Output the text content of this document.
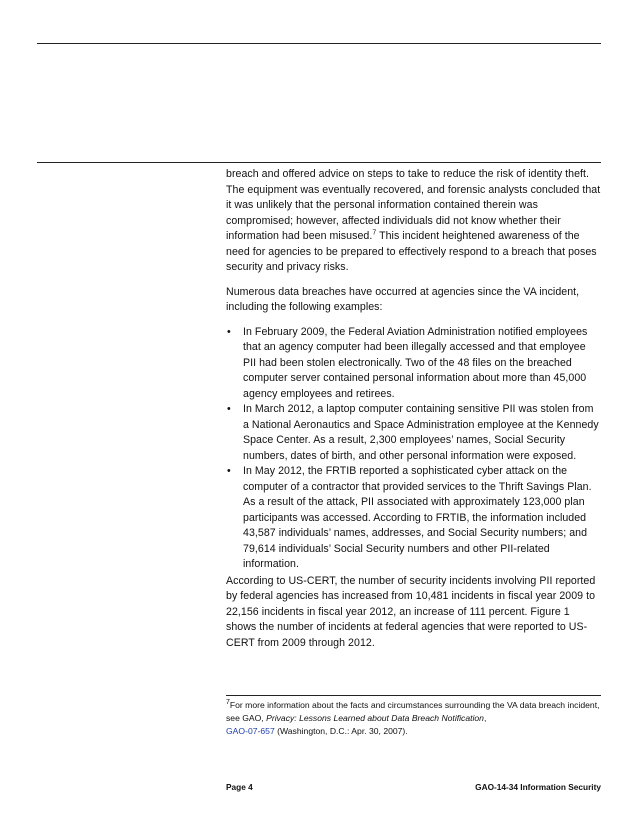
breach and offered advice on steps to take to reduce the risk of identity theft. The equipment was eventually recovered, and forensic analysts concluded that it was unlikely that the personal information contained therein was compromised; however, affected individuals did not know whether their information had been misused.$^7$ This incident heightened awareness of the need for agencies to be prepared to effectively respond to a breach that poses security and privacy risks.

Numerous data breaches have occurred at agencies since the VA incident, including the following examples:

• In February 2009, the Federal Aviation Administration notified employees that an agency computer had been illegally accessed and that employee PII had been stolen electronically. Two of the 48 files on the breached computer server contained personal information about more than 45,000 agency employees and retirees.
• In March 2012, a laptop computer containing sensitive PII was stolen from a National Aeronautics and Space Administration employee at the Kennedy Space Center. As a result, 2,300 employees’ names, Social Security numbers, dates of birth, and other personal information were exposed.
• In May 2012, the FRTIB reported a sophisticated cyber attack on the computer of a contractor that provided services to the Thrift Savings Plan. As a result of the attack, PII associated with approximately 123,000 plan participants was accessed. According to FRTIB, the information included 43,587 individuals’ names, addresses, and Social Security numbers; and 79,614 individuals’ Social Security numbers and other PII-related information.

According to US-CERT, the number of security incidents involving PII reported by federal agencies has increased from 10,481 incidents in fiscal year 2009 to 22,156 incidents in fiscal year 2012, an increase of 111 percent. Figure 1 shows the number of incidents at federal agencies that were reported to US-CERT from 2009 through 2012.

$^7$For more information about the facts and circumstances surrounding the VA data breach incident, see GAO, Privacy: Lessons Learned about Data Breach Notification,
GAO-07-657 (Washington, D.C.: Apr. 30, 2007).
Page 4	GAO-14-34 Information Security
